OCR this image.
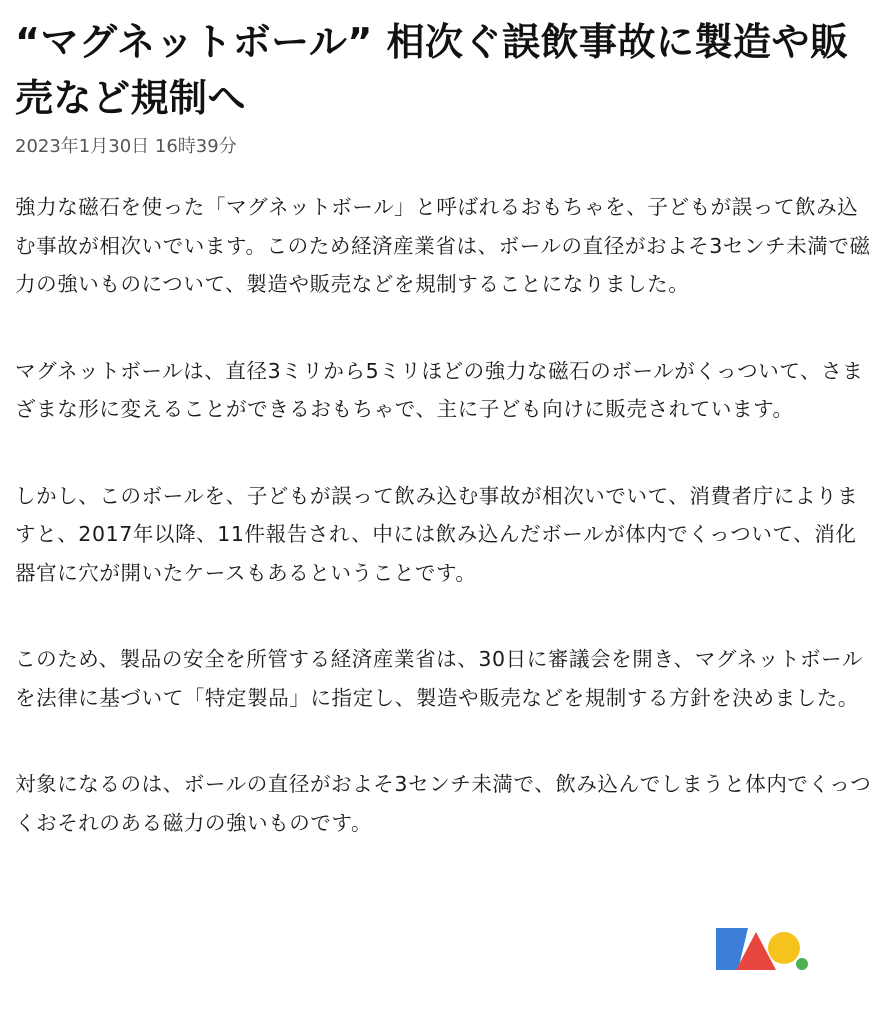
“マグネットボール” 相次ぐ誤飲事故に製造や販売など規制へ
2023年1月30日 16時39分

強力な磁石を使った「マグネットボール」と呼ばれるおもちゃを、子どもが誤って飲み込む事故が相次いでいます。このため経済産業省は、ボールの直径がおよそ3センチ未満で磁力の強いものについて、製造や販売などを規制することになりました。

マグネットボールは、直径3ミリから5ミリほどの強力な磁石のボールがくっついて、さまざまな形に変えることができるおもちゃで、主に子ども向けに販売されています。

しかし、このボールを、子どもが誤って飲み込む事故が相次いでいて、消費者庁によりますと、2017年以降、11件報告され、中には飲み込んだボールが体内でくっついて、消化器官に穴が開いたケースもあるということです。

このため、製品の安全を所管する経済産業省は、30日に審議会を開き、マグネットボールを法律に基づいて「特定製品」に指定し、製造や販売などを規制する方針を決めました。

対象になるのは、ボールの直径がおよそ3センチ未満で、飲み込んでしまうと体内でくっつくおそれのある磁力の強いものです。
